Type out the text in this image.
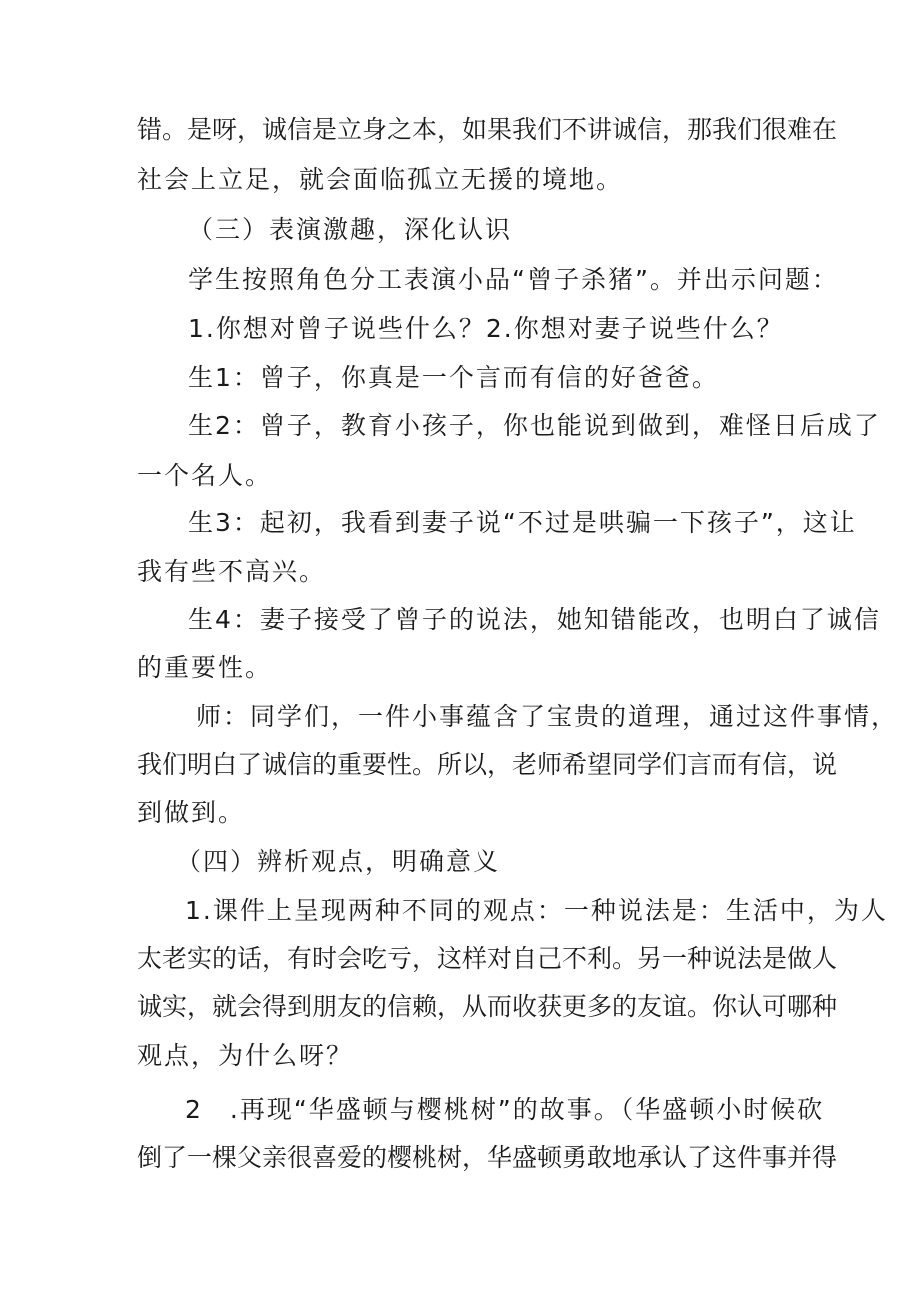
错。是呀，诚信是立身之本，如果我们不讲诚信，那我们很难在
社会上立足，就会面临孤立无援的境地。
（三）表演激趣，深化认识
学生按照角色分工表演小品“曾子杀猪”。并出示问题：
1.你想对曾子说些什么？2.你想对妻子说些什么？
生1：曾子，你真是一个言而有信的好爸爸。
生2：曾子，教育小孩子，你也能说到做到，难怪日后成了
一个名人。
生3：起初，我看到妻子说“不过是哄骗一下孩子”，这让
我有些不高兴。
生4：妻子接受了曾子的说法，她知错能改，也明白了诚信
的重要性。
师：同学们，一件小事蕴含了宝贵的道理，通过这件事情，
我们明白了诚信的重要性。所以，老师希望同学们言而有信，说
到做到。
（四）辨析观点，明确意义
1.课件上呈现两种不同的观点：一种说法是：生活中，为人
太老实的话，有时会吃亏，这样对自己不利。另一种说法是做人
诚实，就会得到朋友的信赖，从而收获更多的友谊。你认可哪种
观点，为什么呀？
2　.再现“华盛顿与樱桃树”的故事。（华盛顿小时候砍
倒了一棵父亲很喜爱的樱桃树，华盛顿勇敢地承认了这件事并得
